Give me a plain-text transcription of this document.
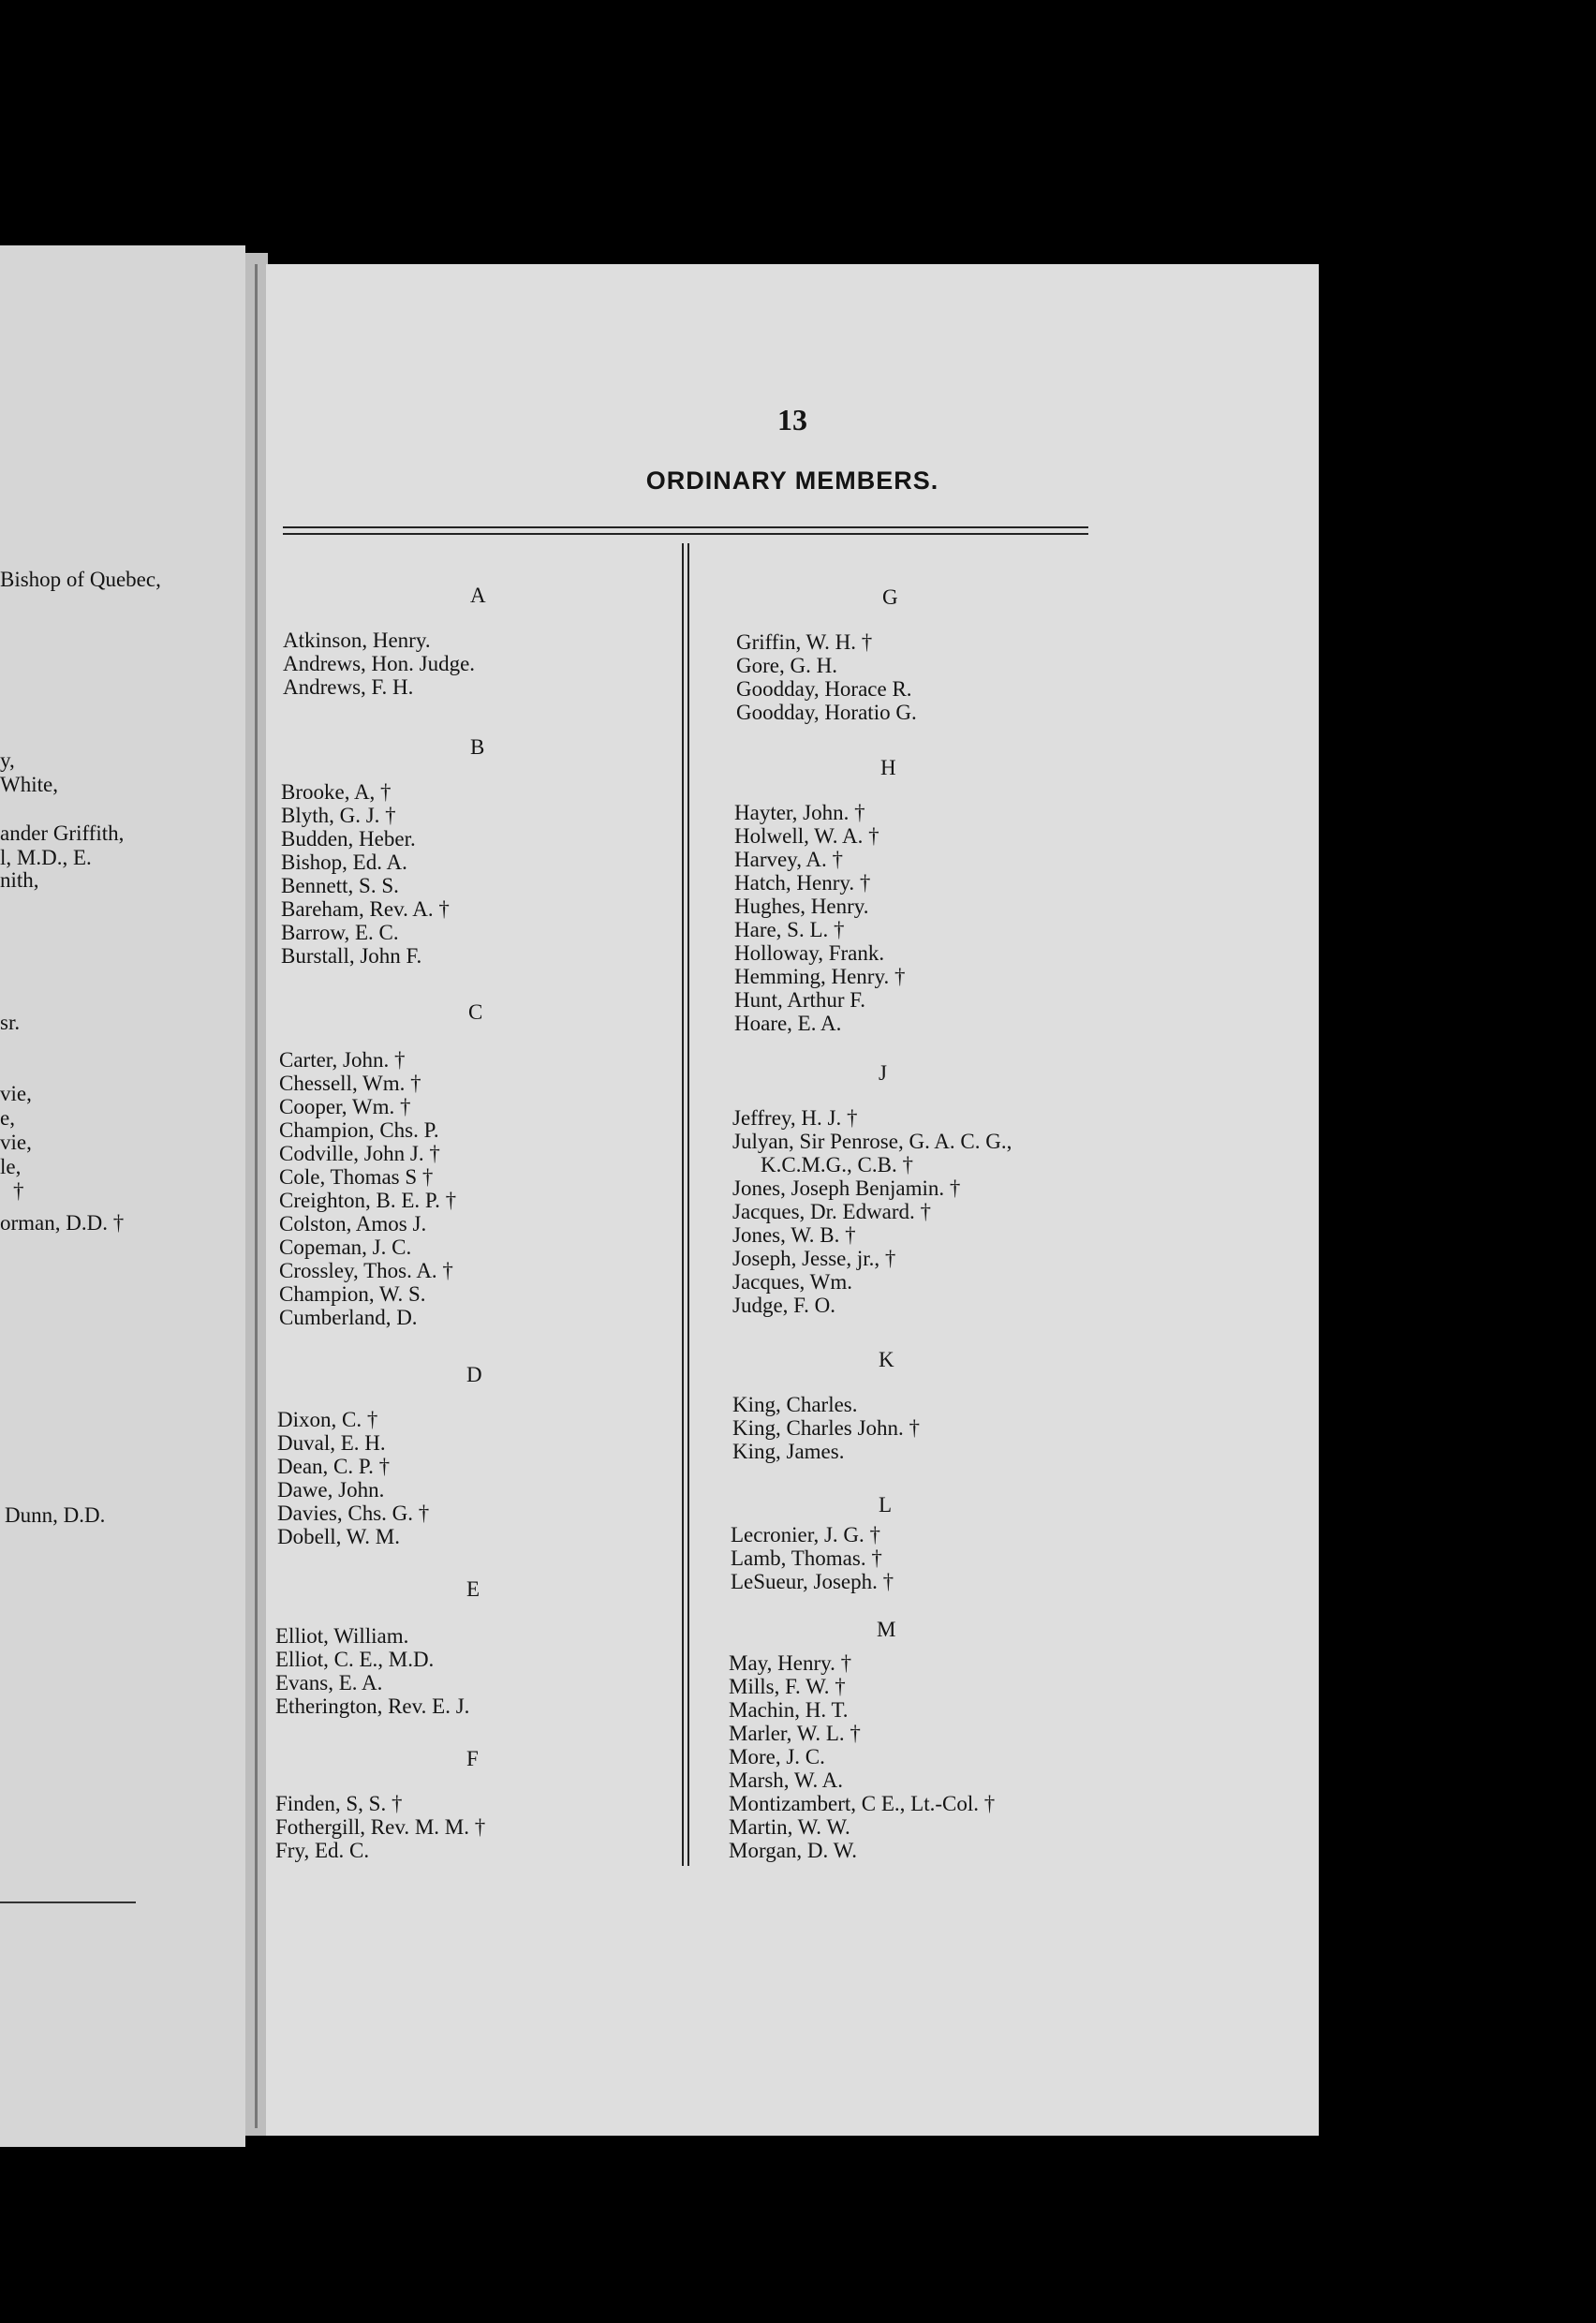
Bishop of Quebec,
y,
White,
ander Griffith,
l, M.D., E.
nith,
sr.
vie,
e,
vie,
le,
†
orman, D.D. †
Dunn, D.D.
13
ORDINARY MEMBERS.
A
Atkinson, Henry.
Andrews, Hon. Judge.
Andrews, F. H.
B
Brooke, A, †
Blyth, G. J. †
Budden, Heber.
Bishop, Ed. A.
Bennett, S. S.
Bareham, Rev. A. †
Barrow, E. C.
Burstall, John F.
C
Carter, John. †
Chessell, Wm. †
Cooper, Wm. †
Champion, Chs. P.
Codville, John J. †
Cole, Thomas S †
Creighton, B. E. P. †
Colston, Amos J.
Copeman, J. C.
Crossley, Thos. A. †
Champion, W. S.
Cumberland, D.
D
Dixon, C. †
Duval, E. H.
Dean, C. P. †
Dawe, John.
Davies, Chs. G. †
Dobell, W. M.
E
Elliot, William.
Elliot, C. E., M.D.
Evans, E. A.
Etherington, Rev. E. J.
F
Finden, S, S. †
Fothergill, Rev. M. M. †
Fry, Ed. C.
G
Griffin, W. H. †
Gore, G. H.
Goodday, Horace R.
Goodday, Horatio G.
H
Hayter, John. †
Holwell, W. A. †
Harvey, A. †
Hatch, Henry. †
Hughes, Henry.
Hare, S. L. †
Holloway, Frank.
Hemming, Henry. †
Hunt, Arthur F.
Hoare, E. A.
J
Jeffrey, H. J. †
Julyan, Sir Penrose, G. A. C. G.,
K.C.M.G., C.B. †
Jones, Joseph Benjamin. †
Jacques, Dr. Edward. †
Jones, W. B. †
Joseph, Jesse, jr., †
Jacques, Wm.
Judge, F. O.
K
King, Charles.
King, Charles John. †
King, James.
L
Lecronier, J. G. †
Lamb, Thomas. †
LeSueur, Joseph. †
M
May, Henry. †
Mills, F. W. †
Machin, H. T.
Marler, W. L. †
More, J. C.
Marsh, W. A.
Montizambert, C E., Lt.-Col. †
Martin, W. W.
Morgan, D. W.
